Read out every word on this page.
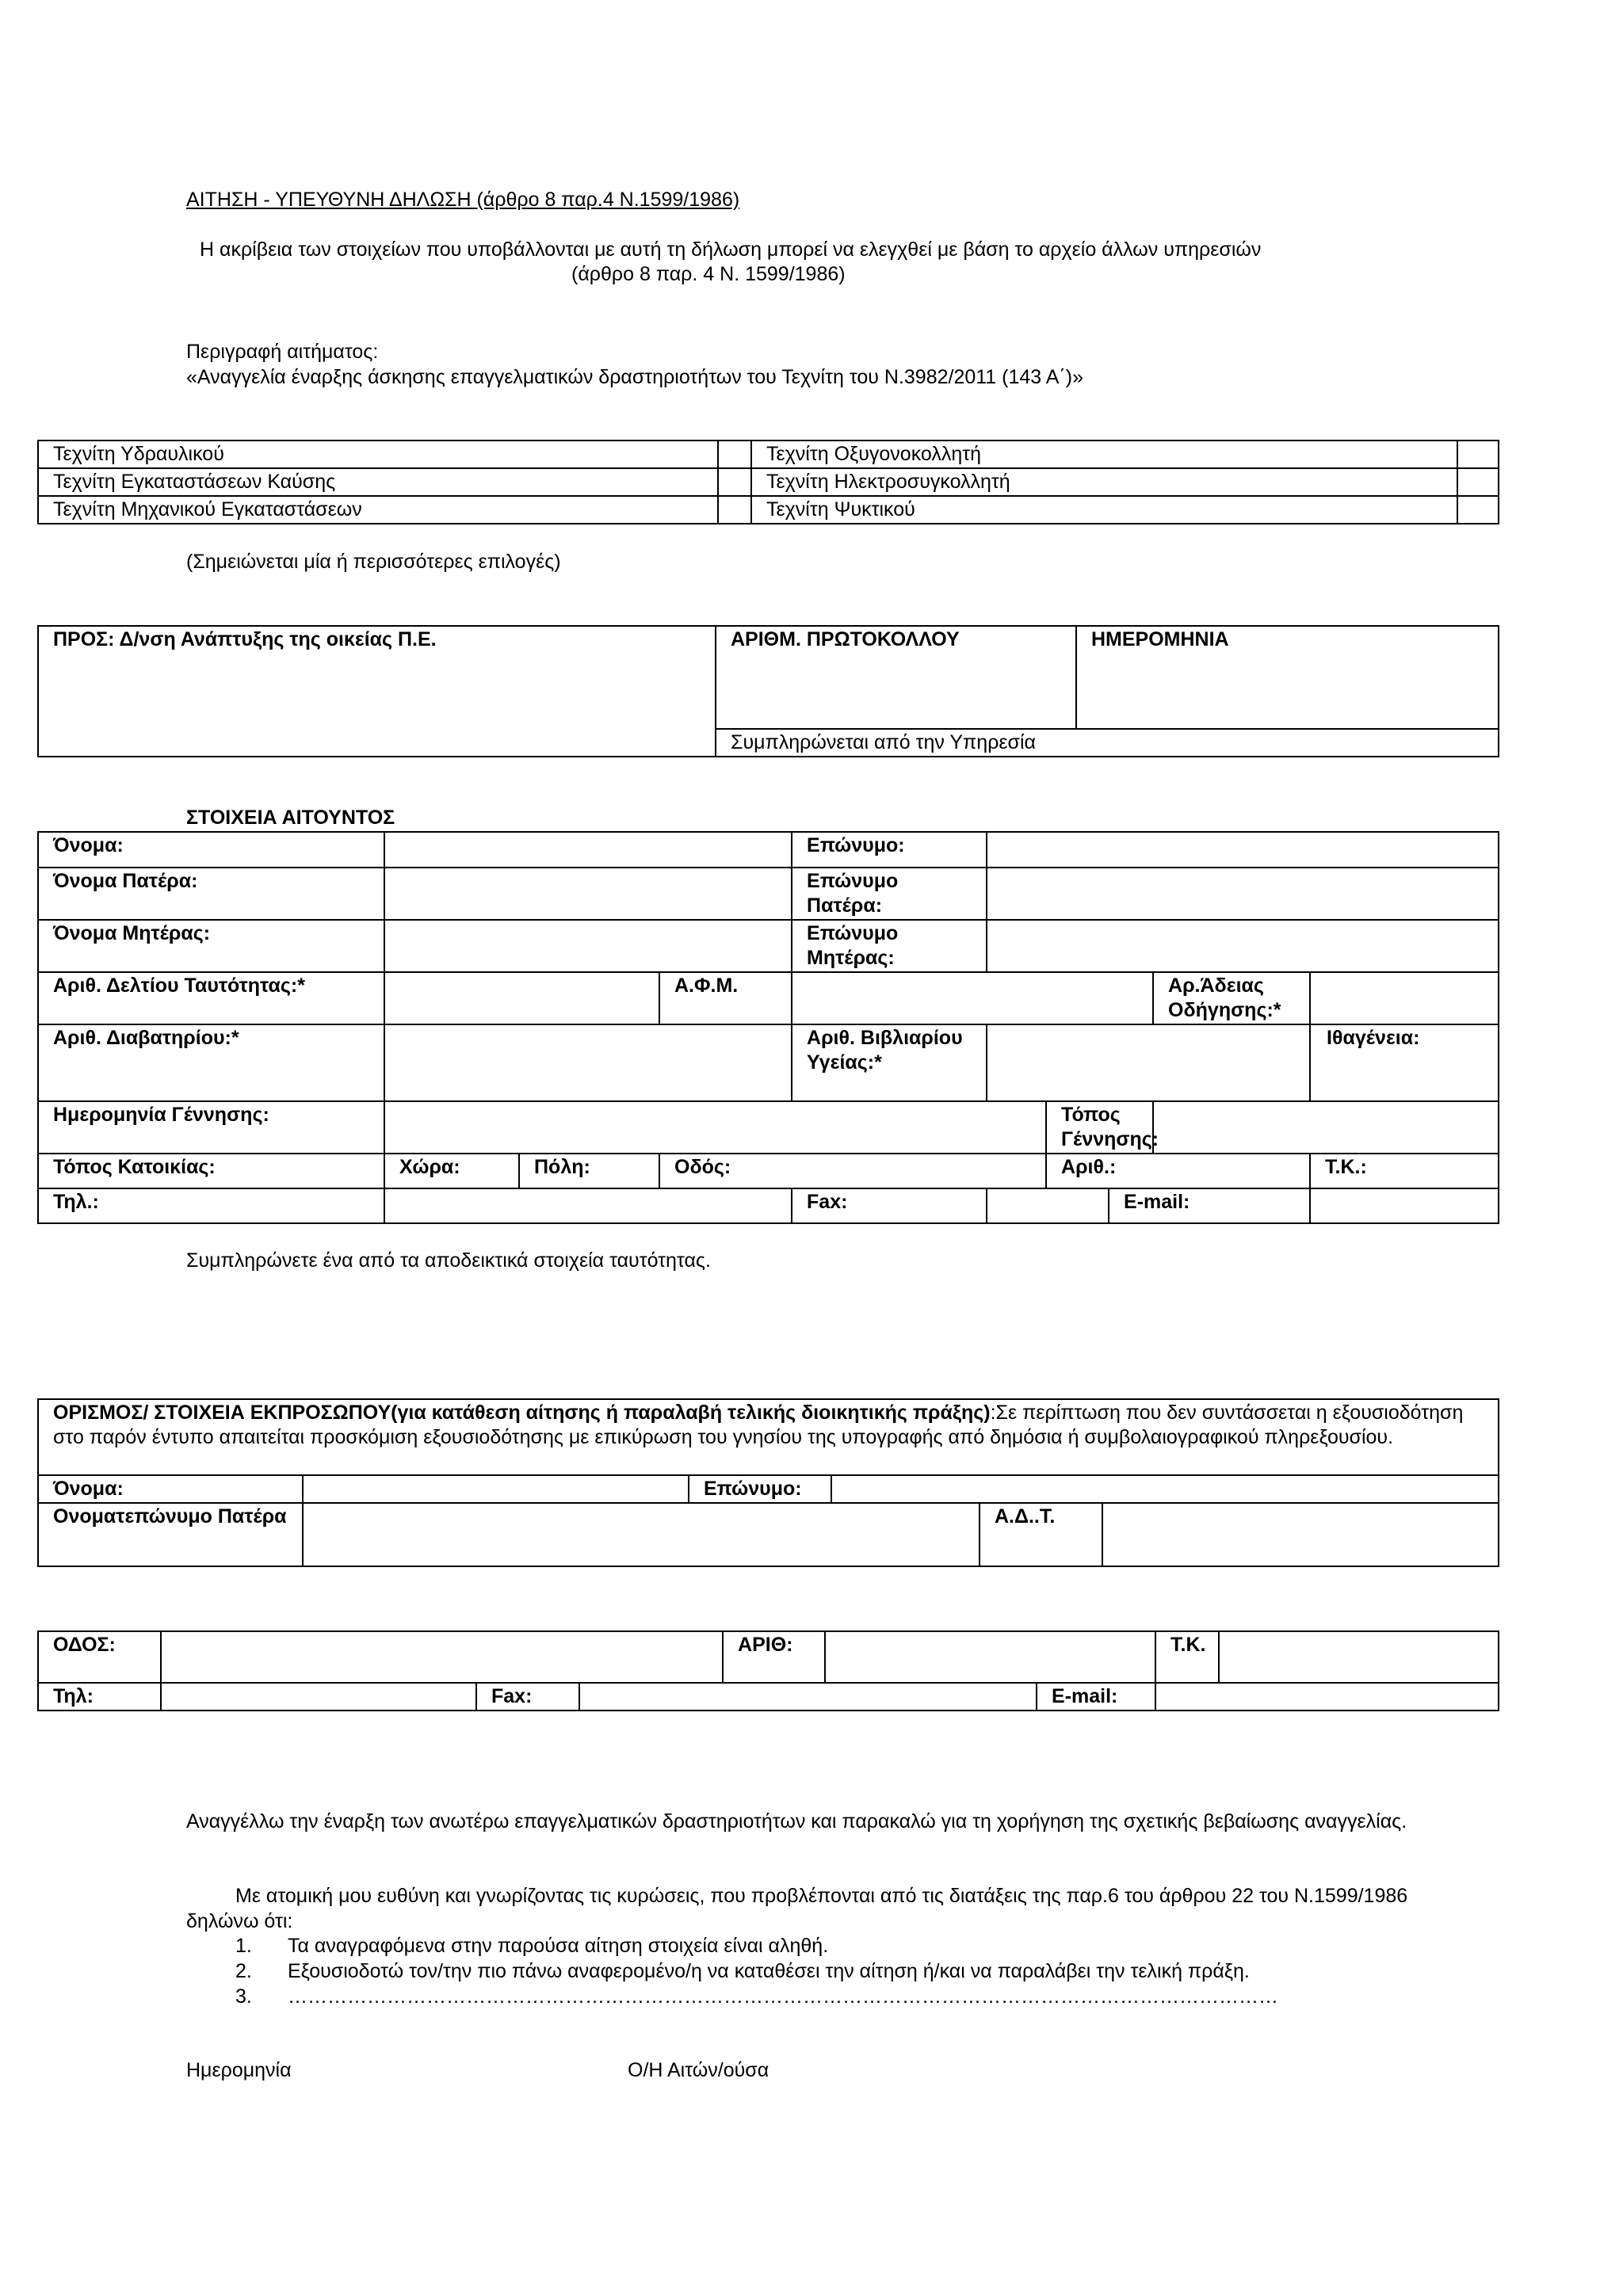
ΑΙΤΗΣΗ - ΥΠΕΥΘΥΝΗ ΔΗΛΩΣΗ (άρθρο 8 παρ.4 Ν.1599/1986)
Η ακρίβεια των στοιχείων που υποβάλλονται με αυτή τη δήλωση μπορεί να ελεγχθεί με βάση το αρχείο άλλων υπηρεσιών
(άρθρο 8 παρ. 4 Ν. 1599/1986)
Περιγραφή αιτήματος:
«Αναγγελία έναρξης άσκησης επαγγελματικών δραστηριοτήτων του Τεχνίτη του Ν.3982/2011 (143 Α΄)»
Τεχνίτη Υδραυλικού		Τεχνίτη Οξυγονοκολλητή	

Τεχνίτη Εγκαταστάσεων Καύσης		Τεχνίτη Ηλεκτροσυγκολλητή	

Τεχνίτη Μηχανικού Εγκαταστάσεων		Τεχνίτη Ψυκτικού	
(Σημειώνεται μία ή περισσότερες επιλογές)
ΠΡΟΣ: Δ/νση Ανάπτυξης της οικείας Π.Ε.	ΑΡΙΘΜ. ΠΡΩΤΟΚΟΛΛΟΥ	ΗΜΕΡΟΜΗΝΙΑ
Συμπληρώνεται από την Υπηρεσία
ΣΤΟΙΧΕΙΑ ΑΙΤΟΥΝΤΟΣ
Όνομα:				Επώνυμο:						
Όνομα Πατέρα:				Επώνυμο Πατέρα:						
Όνομα Μητέρας:				Επώνυμο Μητέρας:						
Αριθ. Δελτίου Ταυτότητας:*			Α.Φ.Μ.					Αρ.Άδειας Οδήγησης:*		
Αριθ. Διαβατηρίου:*				Αριθ. Βιβλιαρίου Υγείας:*					Ιθαγένεια:	
Ημερομηνία Γέννησης:						Τόπος Γέννησης:				
Τόπος Κατοικίας:	Χώρα:	Πόλη:	Οδός:			Αριθ.:			Τ.Κ.:	
Τηλ.:				Fax:			E-mail:			
Συμπληρώνετε ένα από τα αποδεικτικά στοιχεία ταυτότητας.
ΟΡΙΣΜΟΣ/ ΣΤΟΙΧΕΙΑ ΕΚΠΡΟΣΩΠΟΥ(για κατάθεση αίτησης ή παραλαβή τελικής διοικητικής πράξης):Σε περίπτωση που δεν συντάσσεται η εξουσιοδότηση στο παρόν έντυπο απαιτείται προσκόμιση εξουσιοδότησης με επικύρωση του γνησίου της υπογραφής από δημόσια ή συμβολαιογραφικού πληρεξουσίου.					
Όνομα:		Επώνυμο:			
Ονοματεπώνυμο Πατέρα				Α.Δ..Τ.	
ΟΔΟΣ:				ΑΡΙΘ:			Τ.Κ.	
Τηλ:		Fax:				E-mail:		
Αναγγέλλω την έναρξη των ανωτέρω επαγγελματικών δραστηριοτήτων και παρακαλώ για τη χορήγηση της σχετικής βεβαίωσης αναγγελίας.
Με ατομική μου ευθύνη και γνωρίζοντας τις κυρώσεις, που προβλέπονται από τις διατάξεις της παρ.6 του άρθρου 22 του Ν.1599/1986 δηλώνω ότι:
1.	Τα αναγραφόμενα στην παρούσα αίτηση στοιχεία είναι αληθή.
2.	Εξουσιοδοτώ τον/την πιο πάνω αναφερομένο/η να καταθέσει την αίτηση ή/και να παραλάβει την τελική πράξη.
3.	……………………………………………………………………………………………………………………………………
Ημερομηνία	Ο/Η Αιτών/ούσα
